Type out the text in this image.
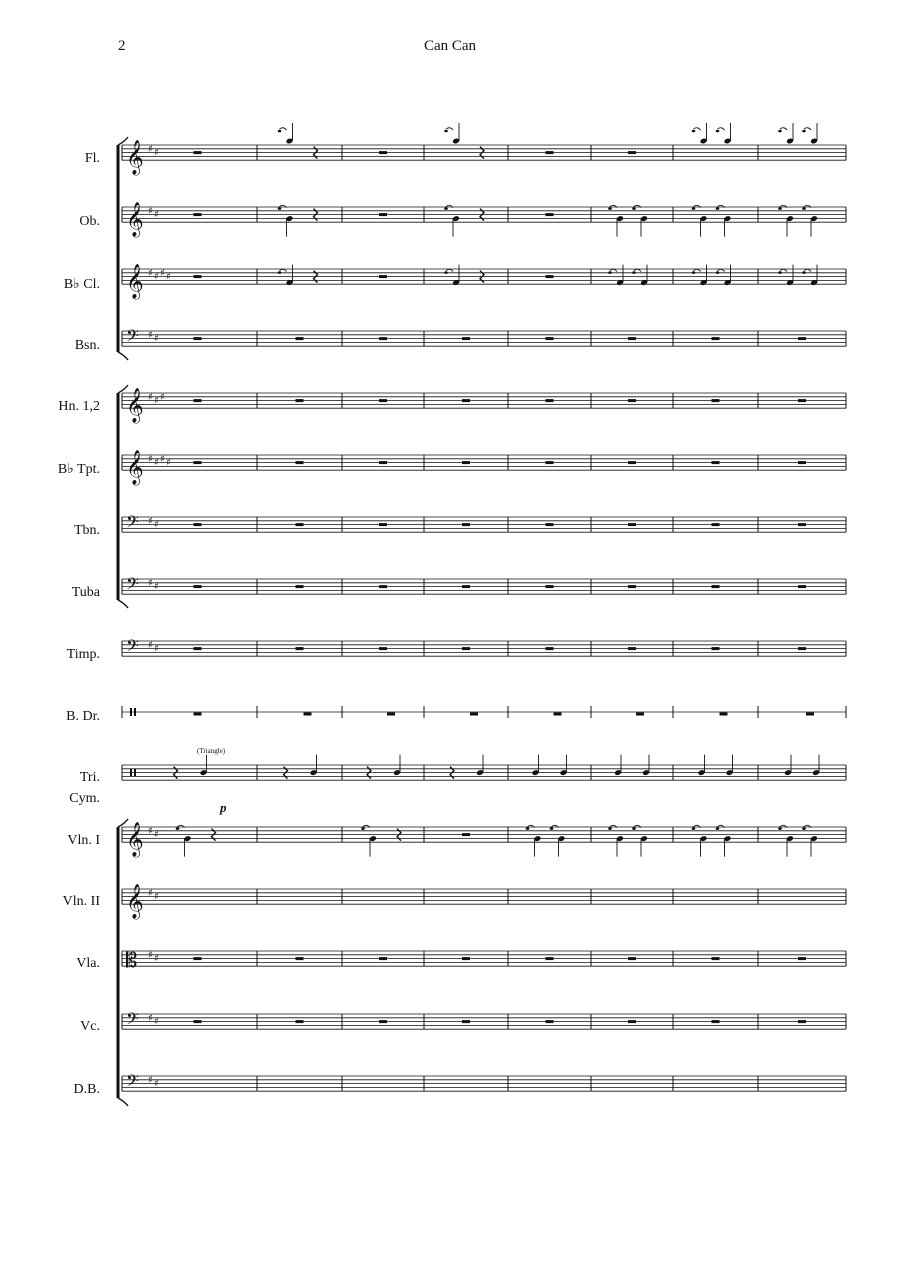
2	Can Can
Fl.
Ob.
B♭ Cl.
Bsn.
Hn. 1,2
B♭ Tpt.
Tbn.
Tuba
Timp.
B. Dr.
Tri.
Cym.
Vln. I
Vln. II
Vla.
Vc.
D.B.
(Triangle)
p
𝄞 ♯ ♯
𝄞 ♯ ♯
𝄞 ♯ ♯ ♯ ♯
𝄢 ♯ ♯
𝄞 ♯ ♯ ♯
𝄞 ♯ ♯ ♯ ♯
𝄢 ♯ ♯
𝄢 ♯ ♯
𝄢 ♯ ♯
𝄞 ♯ ♯
𝄞 ♯ ♯
𝄡 ♯ ♯
𝄢 ♯ ♯
𝄢 ♯ ♯
